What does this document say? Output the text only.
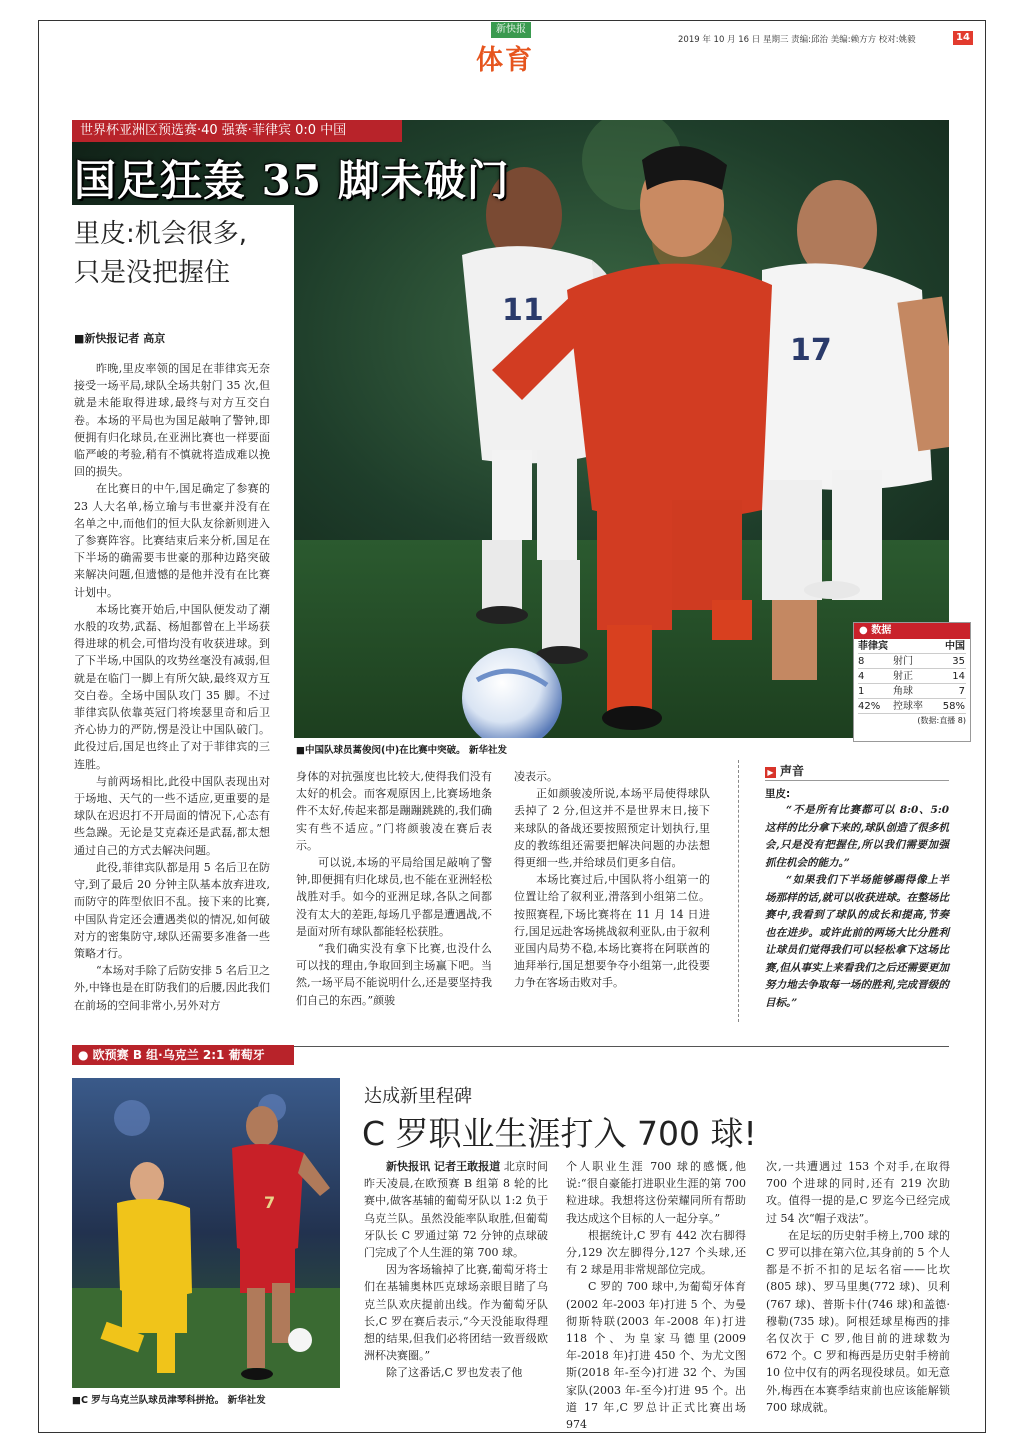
新快报
体育
2019 年 10 月 16 日 星期三 责编:邱治 美编:赖方方 校对:姚毅	14
11
17
世界杯亚洲区预选赛·40 强赛·菲律宾 0:0 中国
国足狂轰 35 脚未破门
里皮:机会很多,
只是没把握住
■新快报记者 高京

昨晚,里皮率领的国足在菲律宾无奈接受一场平局,球队全场共射门 35 次,但就是未能取得进球,最终与对方互交白卷。本场的平局也为国足敲响了警钟,即便拥有归化球员,在亚洲比赛也一样要面临严峻的考验,稍有不慎就将造成难以挽回的损失。

在比赛日的中午,国足确定了参赛的 23 人大名单,杨立瑜与韦世豪并没有在名单之中,而他们的恒大队友徐新则进入了参赛阵容。比赛结束后来分析,国足在下半场的确需要韦世豪的那种边路突破来解决问题,但遗憾的是他并没有在比赛计划中。

本场比赛开始后,中国队便发动了潮水般的攻势,武磊、杨旭都曾在上半场获得进球的机会,可惜均没有收获进球。到了下半场,中国队的攻势丝毫没有减弱,但就是在临门一脚上有所欠缺,最终双方互交白卷。全场中国队攻门 35 脚。不过菲律宾队依靠英冠门将埃瑟里奇和后卫齐心协力的严防,愣是没让中国队破门。此役过后,国足也终止了对于菲律宾的三连胜。

与前两场相比,此役中国队表现出对于场地、天气的一些不适应,更重要的是球队在迟迟打不开局面的情况下,心态有些急躁。无论是艾克森还是武磊,都太想通过自己的方式去解决问题。

此役,菲律宾队都是用 5 名后卫在防守,到了最后 20 分钟主队基本放弃进攻,而防守的阵型依旧不乱。接下来的比赛,中国队肯定还会遭遇类似的情况,如何破对方的密集防守,球队还需要多准备一些策略才行。

“本场对手除了后防安排 5 名后卫之外,中锋也是在盯防我们的后腰,因此我们在前场的空间非常小,另外对方

■中国队球员蒿俊闵(中)在比赛中突破。 新华社发

身体的对抗强度也比较大,使得我们没有太好的机会。而客观原因上,比赛场地条件不太好,传起来都是蹦蹦跳跳的,我们确实有些不适应。”门将颜骏凌在赛后表示。

可以说,本场的平局给国足敲响了警钟,即便拥有归化球员,也不能在亚洲轻松战胜对手。如今的亚洲足球,各队之间都没有太大的差距,每场几乎都是遭遇战,不是面对所有球队都能轻松获胜。

“我们确实没有拿下比赛,也没什么可以找的理由,争取回到主场赢下吧。当然,一场平局不能说明什么,还是要坚持我们自己的东西。”颜骏

凌表示。

正如颜骏凌所说,本场平局使得球队丢掉了 2 分,但这并不是世界末日,接下来球队的备战还要按照预定计划执行,里皮的教练组还需要把解决问题的办法想得更细一些,并给球员们更多自信。

本场比赛过后,中国队将小组第一的位置让给了叙利亚,滑落到小组第二位。按照赛程,下场比赛将在 11 月 14 日进行,国足远赴客场挑战叙利亚队,由于叙利亚国内局势不稳,本场比赛将在阿联酋的迪拜举行,国足想要争夺小组第一,此役要力争在客场击败对手。

▶ 声音
里皮:

“不是所有比赛都可以 8:0、5:0 这样的比分拿下来的,球队创造了很多机会,只是没有把握住,所以我们需要加强抓住机会的能力。”

“如果我们下半场能够踢得像上半场那样的话,就可以收获进球。在整场比赛中,我看到了球队的成长和提高,节奏也在进步。或许此前的两场大比分胜利让球员们觉得我们可以轻松拿下这场比赛,但从事实上来看我们之后还需要更加努力地去争取每一场的胜利,完成晋级的目标。”

● 数据
菲律宾	中国
8	射门	35
4	射正	14
1	角球	7
42%	控球率	58%
(数据:直播 8)
● 欧预赛 B 组·乌克兰 2:1 葡萄牙
7
■C 罗与乌克兰队球员津琴科拼抢。 新华社发
达成新里程碑
C 罗职业生涯打入 700 球!

新快报讯 记者王敢报道 北京时间昨天凌晨,在欧预赛 B 组第 8 轮的比赛中,做客基辅的葡萄牙队以 1:2 负于乌克兰队。虽然没能率队取胜,但葡萄牙队长 C 罗通过第 72 分钟的点球破门完成了个人生涯的第 700 球。

因为客场输掉了比赛,葡萄牙将士们在基辅奥林匹克球场亲眼目睹了乌克兰队欢庆提前出线。作为葡萄牙队长,C 罗在赛后表示,“今天没能取得理想的结果,但我们必将团结一致晋级欧洲杯决赛圈。”

除了这番话,C 罗也发表了他

个人职业生涯 700 球的感慨,他说:“很自豪能打进职业生涯的第 700 粒进球。我想将这份荣耀同所有帮助我达成这个目标的人一起分享。”

根据统计,C 罗有 442 次右脚得分,129 次左脚得分,127 个头球,还有 2 球是用非常规部位完成。

C 罗的 700 球中,为葡萄牙体育(2002 年-2003 年)打进 5 个、为曼彻斯特联(2003 年-2008 年)打进 118 个、为皇家马德里(2009 年-2018 年)打进 450 个、为尤文图斯(2018 年-至今)打进 32 个、为国家队(2003 年-至今)打进 95 个。出道 17 年,C 罗总计正式比赛出场 974

次,一共遭遇过 153 个对手,在取得 700 个进球的同时,还有 219 次助攻。值得一提的是,C 罗迄今已经完成过 54 次“帽子戏法”。

在足坛的历史射手榜上,700 球的 C 罗可以排在第六位,其身前的 5 个人都是不折不扣的足坛名宿——比坎(805 球)、罗马里奥(772 球)、贝利(767 球)、普斯卡什(746 球)和盖德·穆勒(735 球)。阿根廷球星梅西的排名仅次于 C 罗,他目前的进球数为 672 个。C 罗和梅西是历史射手榜前 10 位中仅有的两名现役球员。如无意外,梅西在本赛季结束前也应该能解锁 700 球成就。
